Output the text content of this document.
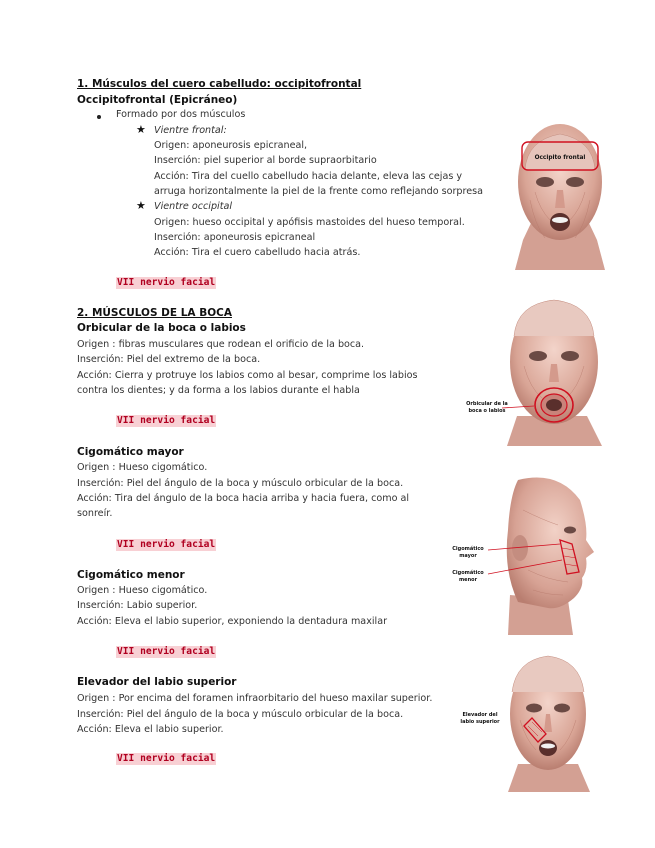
1. Músculos del cuero cabelludo: occipitofrontal
Occipitofrontal (Epicráneo)
Formado por dos músculos
★ Vientre frontal:
Origen: aponeurosis epicraneal,
Inserción: piel superior al borde supraorbitario
Acción: Tira del cuello cabelludo hacia delante, eleva las cejas y
arruga horizontalmente la piel de la frente como reflejando sorpresa
★ Vientre occipital
Origen: hueso occipital y apófisis mastoides del hueso temporal.
Inserción: aponeurosis epicraneal
Acción: Tira el cuero cabelludo hacia atrás.
VII nervio facial
Occipito frontal
2. MÚSCULOS DE LA BOCA
Orbicular de la boca o labios
Origen : fibras musculares que rodean el orificio de la boca.
Inserción: Piel del extremo de la boca.
Acción: Cierra y protruye los labios como al besar, comprime los labios
contra los dientes; y da forma a los labios durante el habla
VII nervio facial
Orbicular de la
boca o labios
Cigomático mayor
Origen : Hueso cigomático.
Inserción: Piel del ángulo de la boca y músculo orbicular de la boca.
Acción: Tira del ángulo de la boca hacia arriba y hacia fuera, como al
sonreír.
VII nervio facial	Cigomático
mayor
Cigomático
menor
Cigomático menor
Origen : Hueso cigomático.
Inserción: Labio superior.
Acción: Eleva el labio superior, exponiendo la dentadura maxilar
VII nervio facial
Elevador del labio superior
Origen : Por encima del foramen infraorbitario del hueso maxilar superior.
Inserción: Piel del ángulo de la boca y músculo orbicular de la boca.
Acción: Eleva el labio superior.
VII nervio facial
Elevador del
labio superior
